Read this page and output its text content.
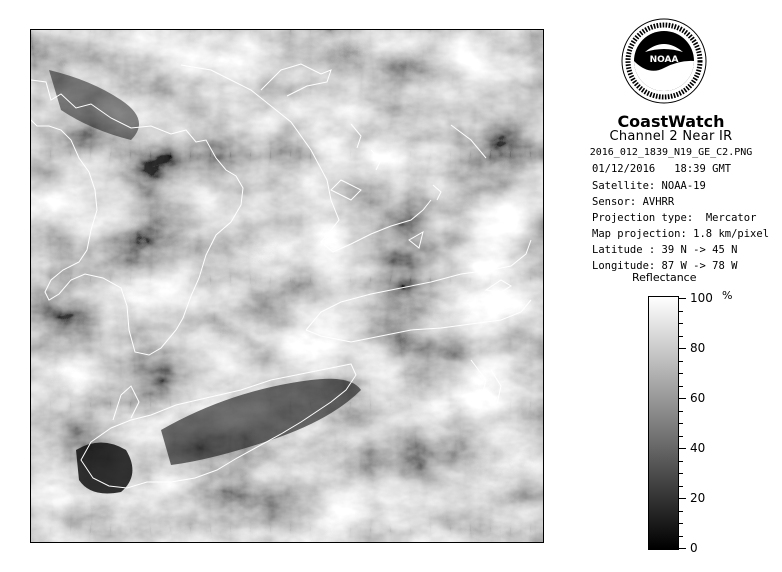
NOAA
CoastWatch
Channel 2 Near IR
2016_012_1839_N19_GE_C2.PNG
01/12/2016 18:39 GMT
Satellite: NOAA-19
Sensor: AVHRR
Projection type: Mercator
Map projection: 1.8 km/pixel
Latitude : 39 N -> 45 N
Longitude: 87 W -> 78 W
Reflectance
%
100
80
60
40
20
0
